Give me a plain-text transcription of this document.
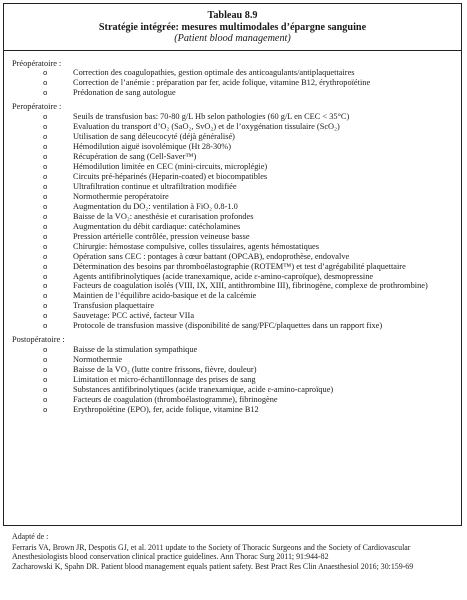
Tableau 8.9
Stratégie intégrée: mesures multimodales d’épargne sanguine
(Patient blood management)

Préopératoire :

o	Correction des coagulopathies, gestion optimale des anticoagulants/antiplaquettaires
o	Correction de l’anémie : préparation par fer, acide folique, vitamine B12, érythropoïétine
o	Prédonation de sang autologue

Peropératoire :

o	Seuils de transfusion bas: 70-80 g/L Hb selon pathologies (60 g/L en CEC < 35°C)
o	Evaluation du transport d’O₂ (SaO₂, SvO₂) et de l’oxygénation tissulaire (ScO₂)
o	Utilisation de sang déleucocyté (déjà généralisé)
o	Hémodilution aiguë isovolémique (Ht 28-30%)
o	Récupération de sang (Cell-Saver™)
o	Hémodilution limitée en CEC (mini-circuits, microplégie)
o	Circuits pré-héparinés (Heparin-coated) et biocompatibles
o	Ultrafiltration continue et ultrafiltration modifiée
o	Normothermie peropératoire
o	Augmentation du DO₂: ventilation à FiO₂ 0.8-1.0
o	Baisse de la VO₂: anesthésie et curarisation profondes
o	Augmentation du débit cardiaque: catécholamines
o	Pression artérielle contrôlée, pression veineuse basse
o	Chirurgie: hémostase compulsive, colles tissulaires, agents hémostatiques
o	Opération sans CEC : pontages à cœur battant (OPCAB), endoprothèse, endovalve
o	Détermination des besoins par thromboélastographie (ROTEM™) et test d’agrégabilité plaquettaire
o	Agents antifibrinolytiques (acide tranexamique, acide ε-amino-caproïque), desmopressine
o	Facteurs de coagulation isolés (VIII, IX, XIII, antithrombine III), fibrinogène, complexe de prothrombine)
o	Maintien de l’équilibre acido-basique et de la calcémie
o	Transfusion plaquettaire
o	Sauvetage: PCC activé, facteur VIIa
o	Protocole de transfusion massive (disponibilité de sang/PFC/plaquettes dans un rapport fixe)

Postopératoire :

o	Baisse de la stimulation sympathique
o	Normothermie
o	Baisse de la VO₂ (lutte contre frissons, fièvre, douleur)
o	Limitation et micro-échantillonnage des prises de sang
o	Substances antifibrinolytiques (acide tranexamique, acide ε-amino-caproïque)
o	Facteurs de coagulation (thromboélastogramme), fibrinogène
o	Erythropoïétine (EPO), fer, acide folique, vitamine B12

Adapté de :

Ferraris VA, Brown JR, Despotis GJ, et al. 2011 update to the Society of Thoracic Surgeons and the Society of Cardiovascular Anesthesiologists blood conservation clinical practice guidelines. Ann Thorac Surg 2011; 91:944-82

Zacharowski K, Spahn DR. Patient blood management equals patient safety. Best Pract Res Clin Anaesthesiol 2016; 30:159-69
